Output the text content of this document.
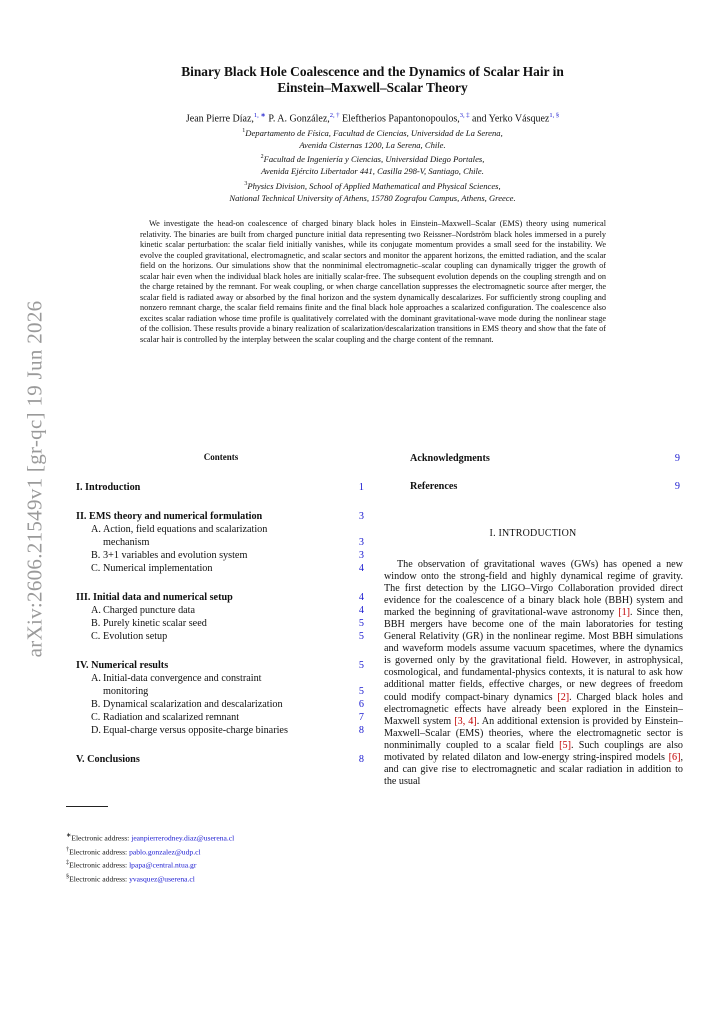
arXiv:2606.21549v1 [gr-qc] 19 Jun 2026
Binary Black Hole Coalescence and the Dynamics of Scalar Hair in
Einstein–Maxwell–Scalar Theory
Jean Pierre Díaz,$^{1, ∗}$ P. A. González,$^{2, \dagger}$ Eleftherios Papantonopoulos,$^{3, \ddagger}$ and Yerko Vásquez$^{1, \S}$
$^1$Departamento de Física, Facultad de Ciencias, Universidad de La Serena,
Avenida Cisternas 1200, La Serena, Chile.
$^2$Facultad de Ingeniería y Ciencias, Universidad Diego Portales,
Avenida Ejército Libertador 441, Casilla 298-V, Santiago, Chile.
$^3$Physics Division, School of Applied Mathematical and Physical Sciences,
National Technical University of Athens, 15780 Zografou Campus, Athens, Greece.

We investigate the head-on coalescence of charged binary black holes in Einstein–Maxwell–Scalar (EMS) theory using numerical relativity. The binaries are built from charged puncture initial data representing two Reissner–Nordström black holes immersed in a purely kinetic scalar perturbation: the scalar field initially vanishes, while its conjugate momentum provides a small seed for the instability. We evolve the coupled gravitational, electromagnetic, and scalar sectors and monitor the apparent horizons, the emitted radiation, and the scalar field on the horizons. Our simulations show that the nonminimal electromagnetic–scalar coupling can dynamically trigger the growth of scalar hair even when the individual black holes are initially scalar-free. The subsequent evolution depends on the coupling strength and on the charge retained by the remnant. For weak coupling, or when charge cancellation suppresses the electromagnetic source after merger, the scalar field is radiated away or absorbed by the final horizon and the system dynamically descalarizes. For sufficiently strong coupling and nonzero remnant charge, the scalar field remains finite and the final black hole approaches a scalarized configuration. The coalescence also excites scalar radiation whose time profile is qualitatively correlated with the dominant gravitational-wave mode during the nonlinear stage of the collision. These results provide a binary realization of scalarization/descalarization transitions in EMS theory and show that the fate of scalar hair is controlled by the interplay between the scalar coupling and the charge content of the remnant.

Contents
I. Introduction	1
II. EMS theory and numerical formulation	3
A. Action, field equations and scalarization
mechanism	3
B. 3+1 variables and evolution system	3
C. Numerical implementation	4
III. Initial data and numerical setup	4
A. Charged puncture data	4
B. Purely kinetic scalar seed	5
C. Evolution setup	5
IV. Numerical results	5
A. Initial-data convergence and constraint
monitoring	5
B. Dynamical scalarization and descalarization	6
C. Radiation and scalarized remnant	7
D. Equal-charge versus opposite-charge binaries	8
V. Conclusions	8
Acknowledgments	9
References	9
I. INTRODUCTION

The observation of gravitational waves (GWs) has opened a new window onto the strong-field and highly dynamical regime of gravity. The first detection by the LIGO–Virgo Collaboration provided direct evidence for the coalescence of a binary black hole (BBH) system and marked the beginning of gravitational-wave astronomy [1]. Since then, BBH mergers have become one of the main laboratories for testing General Relativity (GR) in the nonlinear regime. Most BBH simulations and waveform models assume vacuum spacetimes, where the dynamics is governed only by the gravitational field. However, in astrophysical, cosmological, and fundamental-physics contexts, it is natural to ask how additional matter fields, effective charges, or new degrees of freedom could modify compact-binary dynamics [2]. Charged black holes and electromagnetic effects have already been explored in the Einstein–Maxwell system [3, 4]. An additional extension is provided by Einstein–Maxwell–Scalar (EMS) theories, where the electromagnetic sector is nonminimally coupled to a scalar field [5]. Such couplings are also motivated by related dilaton and low-energy string-inspired models [6], and can give rise to electromagnetic and scalar radiation in addition to the usual

∗Electronic address: jeanpierrerodney.diaz@userena.cl
†Electronic address: pablo.gonzalez@udp.cl
‡Electronic address: lpapa@central.ntua.gr
§Electronic address: yvasquez@userena.cl
